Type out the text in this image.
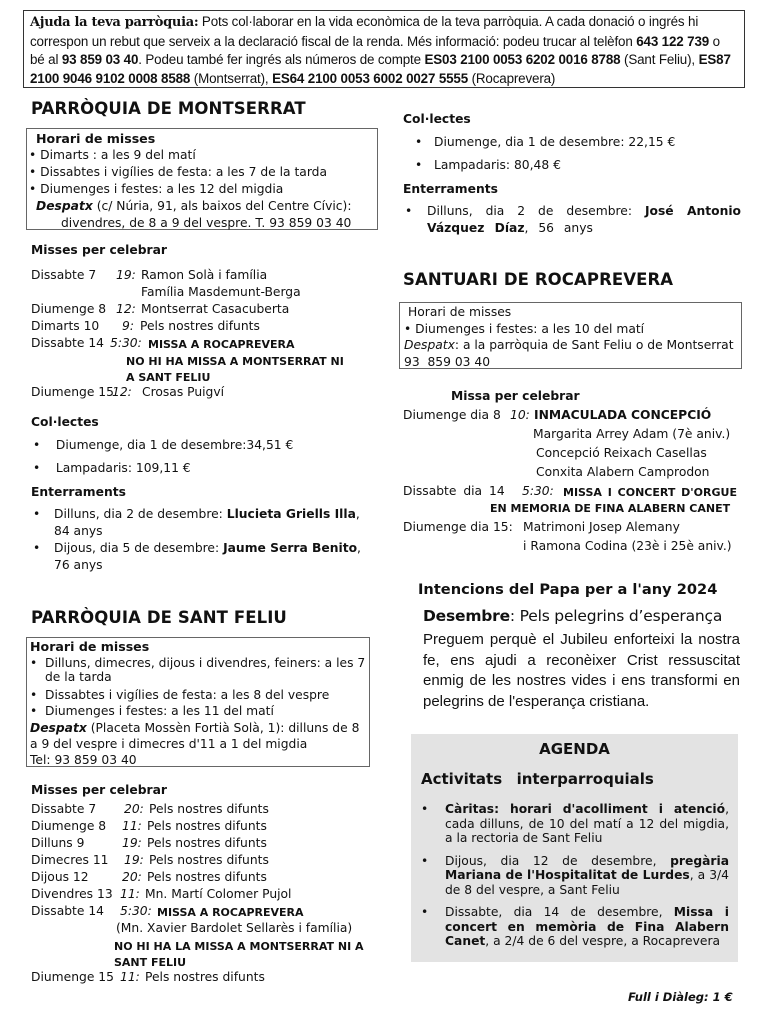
Ajuda la teva parròquia: Pots col·laborar en la vida econòmica de la teva parròquia. A cada donació o ingrés hi correspon un rebut que serveix a la declaració fiscal de la renda. Més informació: podeu trucar al telèfon 643 122 739 o bé al 93 859 03 40. Podeu també fer ingrés als números de compte ES03 2100 0053 6202 0016 8788 (Sant Feliu), ES87 2100 9046 9102 0008 8588 (Montserrat), ES64 2100 0053 6002 0027 5555 (Rocaprevera)
PARRÒQUIA DE MONTSERRAT
Horari de misses
• Dimarts : a les 9 del matí
• Dissabtes i vigílies de festa: a les 7 de la tarda
• Diumenges i festes: a les 12 del migdia
Despatx (c/ Núria, 91, als baixos del Centre Cívic):
divendres, de 8 a 9 del vespre. T. 93 859 03 40
Misses per celebrar
Dissabte 7 19: Ramon Solà i família
Família Masdemunt-Berga
Diumenge 8 12: Montserrat Casacuberta
Dimarts 10 9: Pels nostres difunts
Dissabte 14 5:30: MISSA A ROCAPREVERA
NO HI HA MISSA A MONTSERRAT NI
A SANT FELIU
Diumenge 15
12: Crosas Puigví
Col·lectes
•    Diumenge, dia 1 de desembre:34,51 €
•    Lampadaris: 109,11 €
Enterraments
• Dilluns, dia 2 de desembre: Llucieta Griells Illa, 84 anys
• Dijous, dia 5 de desembre: Jaume Serra Benito, 76 anys
PARRÒQUIA DE SANT FELIU
Horari de misses
• Dilluns, dimecres, dijous i divendres, feiners: a les 7 de la tarda
• Dissabtes i vigílies de festa: a les 8 del vespre
• Diumenges i festes: a les 11 del matí
Despatx (Placeta Mossèn Fortià Solà, 1): dilluns de 8 a 9 del vespre i dimecres d'11 a 1 del migdia
Tel: 93 859 03 40
Misses per celebrar
Dissabte 7 20: Pels nostres difunts
Diumenge 8 11: Pels nostres difunts
Dilluns 9	19: Pels nostres difunts
Dimecres 11 19: Pels nostres difunts
Dijous 12	20: Pels nostres difunts
Divendres 13 11: Mn. Martí Colomer Pujol
Dissabte 14 5:30: MISSA A ROCAPREVERA
(Mn. Xavier Bardolet Sellarès i família)
NO HI HA LA MISSA A MONTSERRAT NI A
SANT FELIU
Diumenge 15 11: Pels nostres difunts
Col·lectes
•   Diumenge, dia 1 de desembre: 22,15 €
•   Lampadaris: 80,48 €
Enterraments
• Dilluns, dia 2 de desembre: José Antonio Vázquez Díaz, 56 anys
SANTUARI DE ROCAPREVERA
Horari de misses
• Diumenges i festes: a les 10 del matí
Despatx: a la parròquia de Sant Feliu o de Montserrat
93  859 03 40
Missa per celebrar
Diumenge dia 8 10: INMACULADA CONCEPCIÓ
Margarita Arrey Adam (7è aniv.)
Concepció Reixach Casellas
Conxita Alabern Camprodon
Dissabte dia 14 5:30: MISSA I CONCERT D'ORGUE
EN MEMORIA DE FINA ALABERN CANET
Diumenge dia 15: Matrimoni Josep Alemany
i Ramona Codina (23è i 25è aniv.)
Intencions del Papa per a l'any 2024
Desembre: Pels pelegrins d’esperança
Preguem perquè el Jubileu enforteixi la nostra fe, ens ajudi a reconèixer Crist ressuscitat enmig de les nostres vides i ens transformi en pelegrins de l'esperança cristiana.
AGENDA
Activitats  interparroquials
• Càritas: horari d'acolliment i atenció, cada dilluns, de 10 del matí a 12 del migdia, a la rectoria de Sant Feliu
• Dijous, dia 12 de desembre, pregària Mariana de l'Hospitalitat de Lurdes, a 3/4 de 8 del vespre, a Sant Feliu
• Dissabte, dia 14 de desembre, Missa i concert en memòria de Fina Alabern Canet, a 2/4 de 6 del vespre, a Rocaprevera
Full i Diàleg: 1 €
